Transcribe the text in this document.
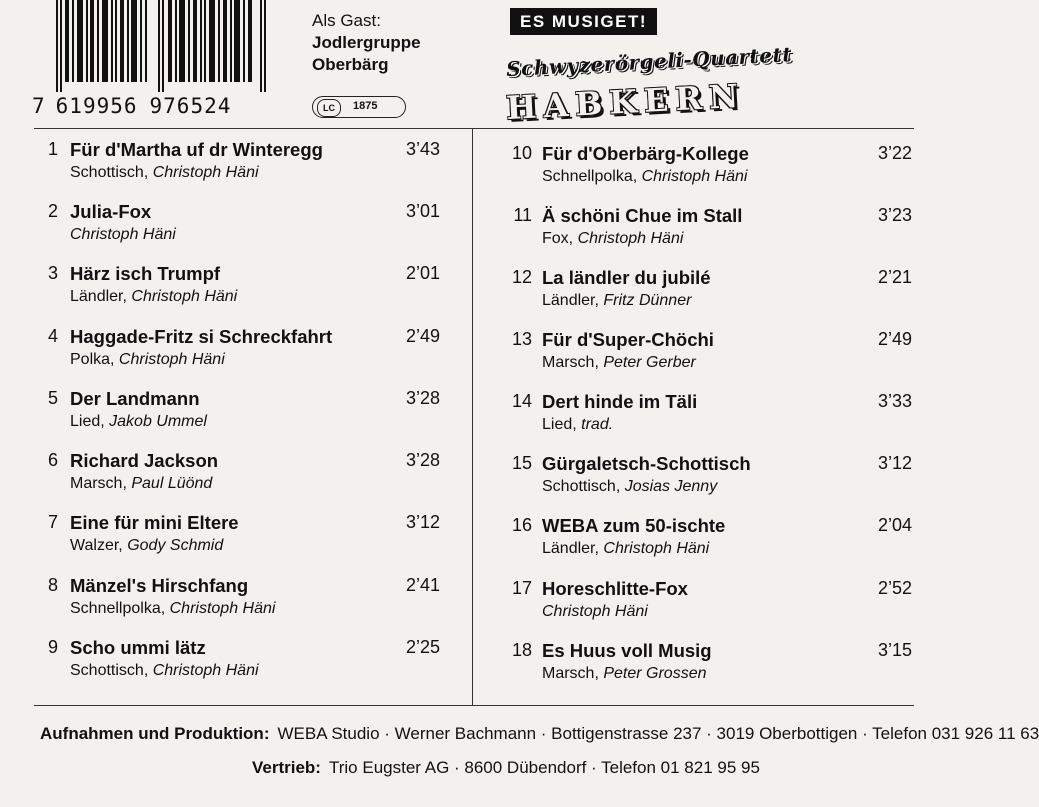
7 619956 976524
Als Gast:
Jodlergruppe
Oberbärg
LC	1875
ES MUSIGET!
Schwyzerörgeli-Quartett
HABKERN
1 Für d'Martha uf dr Winteregg	3’43
Schottisch, Christoph Häni
2 Julia-Fox	3’01
Christoph Häni
3 Härz isch Trumpf	2’01
Ländler, Christoph Häni
4 Haggade-Fritz si Schreckfahrt	2’49
Polka, Christoph Häni
5 Der Landmann	3’28
Lied, Jakob Ummel
6 Richard Jackson	3’28
Marsch, Paul Lüönd
7 Eine für mini Eltere	3’12
Walzer, Gody Schmid
8 Mänzel's Hirschfang	2’41
Schnellpolka, Christoph Häni
9 Scho ummi lätz	2’25
Schottisch, Christoph Häni
10 Für d'Oberbärg-Kollege	3’22
Schnellpolka, Christoph Häni
11 Ä schöni Chue im Stall	3’23
Fox, Christoph Häni
12 La ländler du jubilé	2’21
Ländler, Fritz Dünner
13 Für d'Super-Chöchi	2’49
Marsch, Peter Gerber
14 Dert hinde im Täli	3’33
Lied, trad.
15 Gürgaletsch-Schottisch	3’12
Schottisch, Josias Jenny
16 WEBA zum 50-ischte	2’04
Ländler, Christoph Häni
17 Horeschlitte-Fox	2’52
Christoph Häni
18 Es Huus voll Musig	3’15
Marsch, Peter Grossen
Aufnahmen und Produktion: WEBA Studio · Werner Bachmann · Bottigenstrasse 237 · 3019 Oberbottigen · Telefon 031 926 11 63
Vertrieb: Trio Eugster AG · 8600 Dübendorf · Telefon 01 821 95 95
